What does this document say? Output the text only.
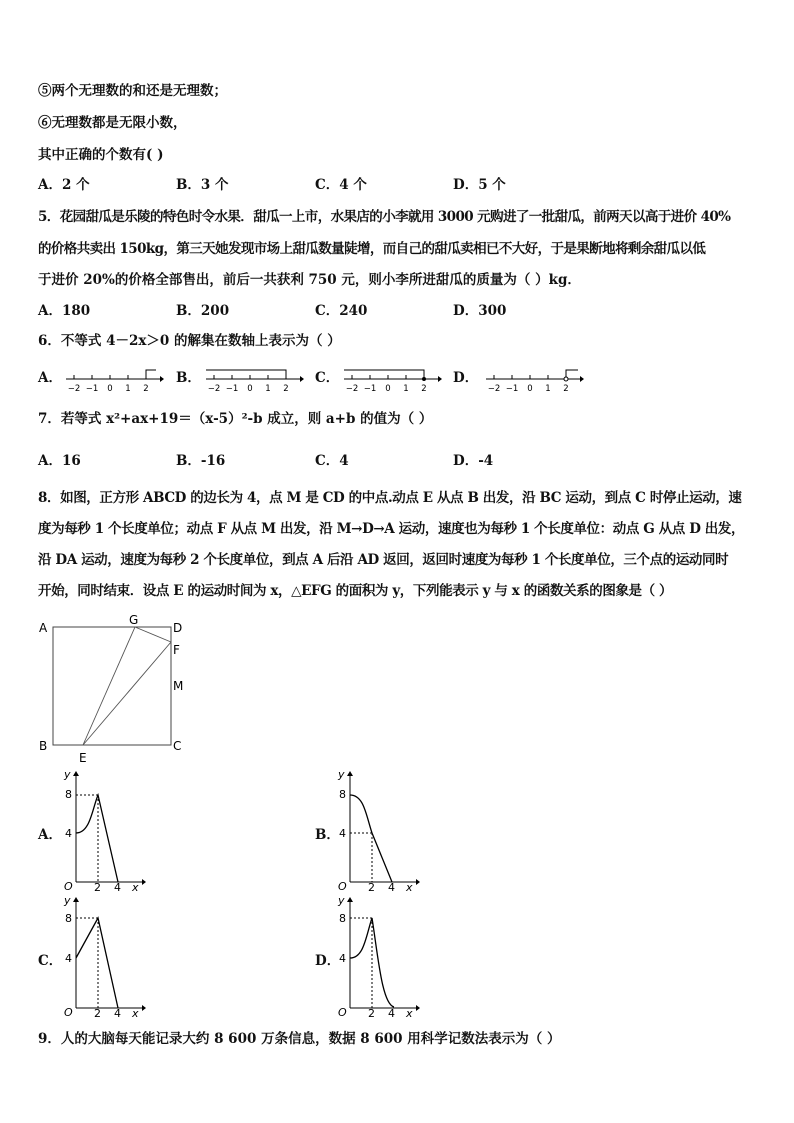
⑤两个无理数的和还是无理数；
⑥无理数都是无限小数，
其中正确的个数有( )
A．2 个	B．3 个	C．4 个	D．5 个
5．花园甜瓜是乐陵的特色时令水果．甜瓜一上市，水果店的小李就用 3000 元购进了一批甜瓜，前两天以高于进价 40%
的价格共卖出 150kg，第三天她发现市场上甜瓜数量陡增，而自己的甜瓜卖相已不大好，于是果断地将剩余甜瓜以低
于进价 20%的价格全部售出，前后一共获利 750 元，则小李所进甜瓜的质量为（ ）kg．
A．180	B．200	C．240	D．300
6．不等式 4－2x＞0 的解集在数轴上表示为（ ）
A．	B．	C．	D．
−2 −1 0 1 2	−2 −1 0 1 2	−2 −1 0 1 2	−2 −1 0 1 2
7．若等式 x²+ax+19＝（x-5）²-b 成立，则 a+b 的值为（ ）
A．16	B．-16	C．4	D．-4
8．如图，正方形 ABCD 的边长为 4，点 M 是 CD 的中点.动点 E 从点 B 出发，沿 BC 运动，到点 C 时停止运动，速
度为每秒 1 个长度单位；动点 F 从点 M 出发，沿 M→D→A 运动，速度也为每秒 1 个长度单位：动点 G 从点 D 出发，
沿 DA 运动，速度为每秒 2 个长度单位，到点 A 后沿 AD 返回，返回时速度为每秒 1 个长度单位，三个点的运动同时
开始，同时结束．设点 E 的运动时间为 x，△EFG 的面积为 y，下列能表示 y 与 x 的函数关系的图象是（ ）
A
G
D
F
M
B
E
C
A．	B．
C．	D．
y
8
4
O 2 4 x
y
8
4
O 2 4 x
y
8
4
O 2 4 x
y
8
4
O 2 4 x
9．人的大脑每天能记录大约 8 600 万条信息，数据 8 600 用科学记数法表示为（ ）
